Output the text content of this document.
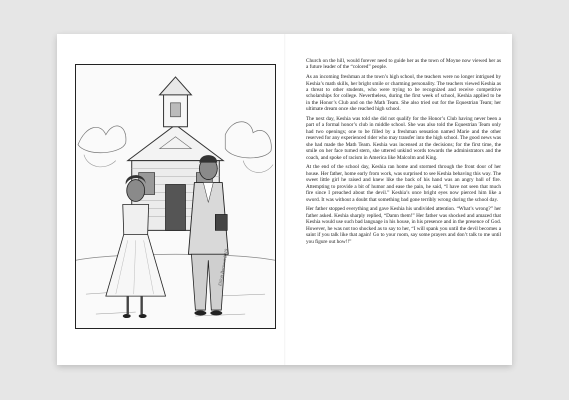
Elliott Barrows 2019

Church on the hill, would forever need to guide her as the town of Moyne now viewed her as a future leader of the “colored” people.

As an incoming freshman at the town’s high school, the teachers were no longer intrigued by Keshia’s math skills, her bright smile or charming personality. The teachers viewed Keshia as a threat to other students, who were trying to be recognized and receive competitive scholarships for college. Nevertheless, during the first week of school, Keshia applied to be in the Honor’s Club and on the Math Team. She also tried out for the Equestrian Team; her ultimate dream once she reached high school.

The next day, Keshia was told she did not qualify for the Honor’s Club having never been a part of a formal honor’s club in middle school. She was also told the Equestrian Team only had two openings; one to be filled by a freshman sensation named Marie and the other reserved for any experienced rider who may transfer into the high school. The good news was she had made the Math Team. Keshia was incensed at the decisions; for the first time, the smile on her face turned stern, she uttered unkind words towards the administrators and the coach, and spoke of racism in America like Malcolm and King.

At the end of the school day, Keshia ran home and stormed through the front door of her house. Her father, home early from work, was surprised to see Keshia behaving this way. The sweet little girl he raised and knew like the back of his hand was an angry ball of fire. Attempting to provide a bit of humor and ease the pain, he said, “I have not seen that much fire since I preached about the devil.” Keshia’s once bright eyes now pierced him like a sword. It was without a doubt that something bad gone terribly wrong during the school day.

Her father stopped everything and gave Keshia his undivided attention. “What’s wrong?” her father asked. Keshia sharply replied, “Damn them!” Her father was shocked and amazed that Keshia would use such bad language in his house, in his presence and in the presence of God. However, he was not too shocked as to say to her, “I will spank you until the devil becomes a saint if you talk like that again! Go to your room, say some prayers and don’t talk to me until you figure out how!!”
